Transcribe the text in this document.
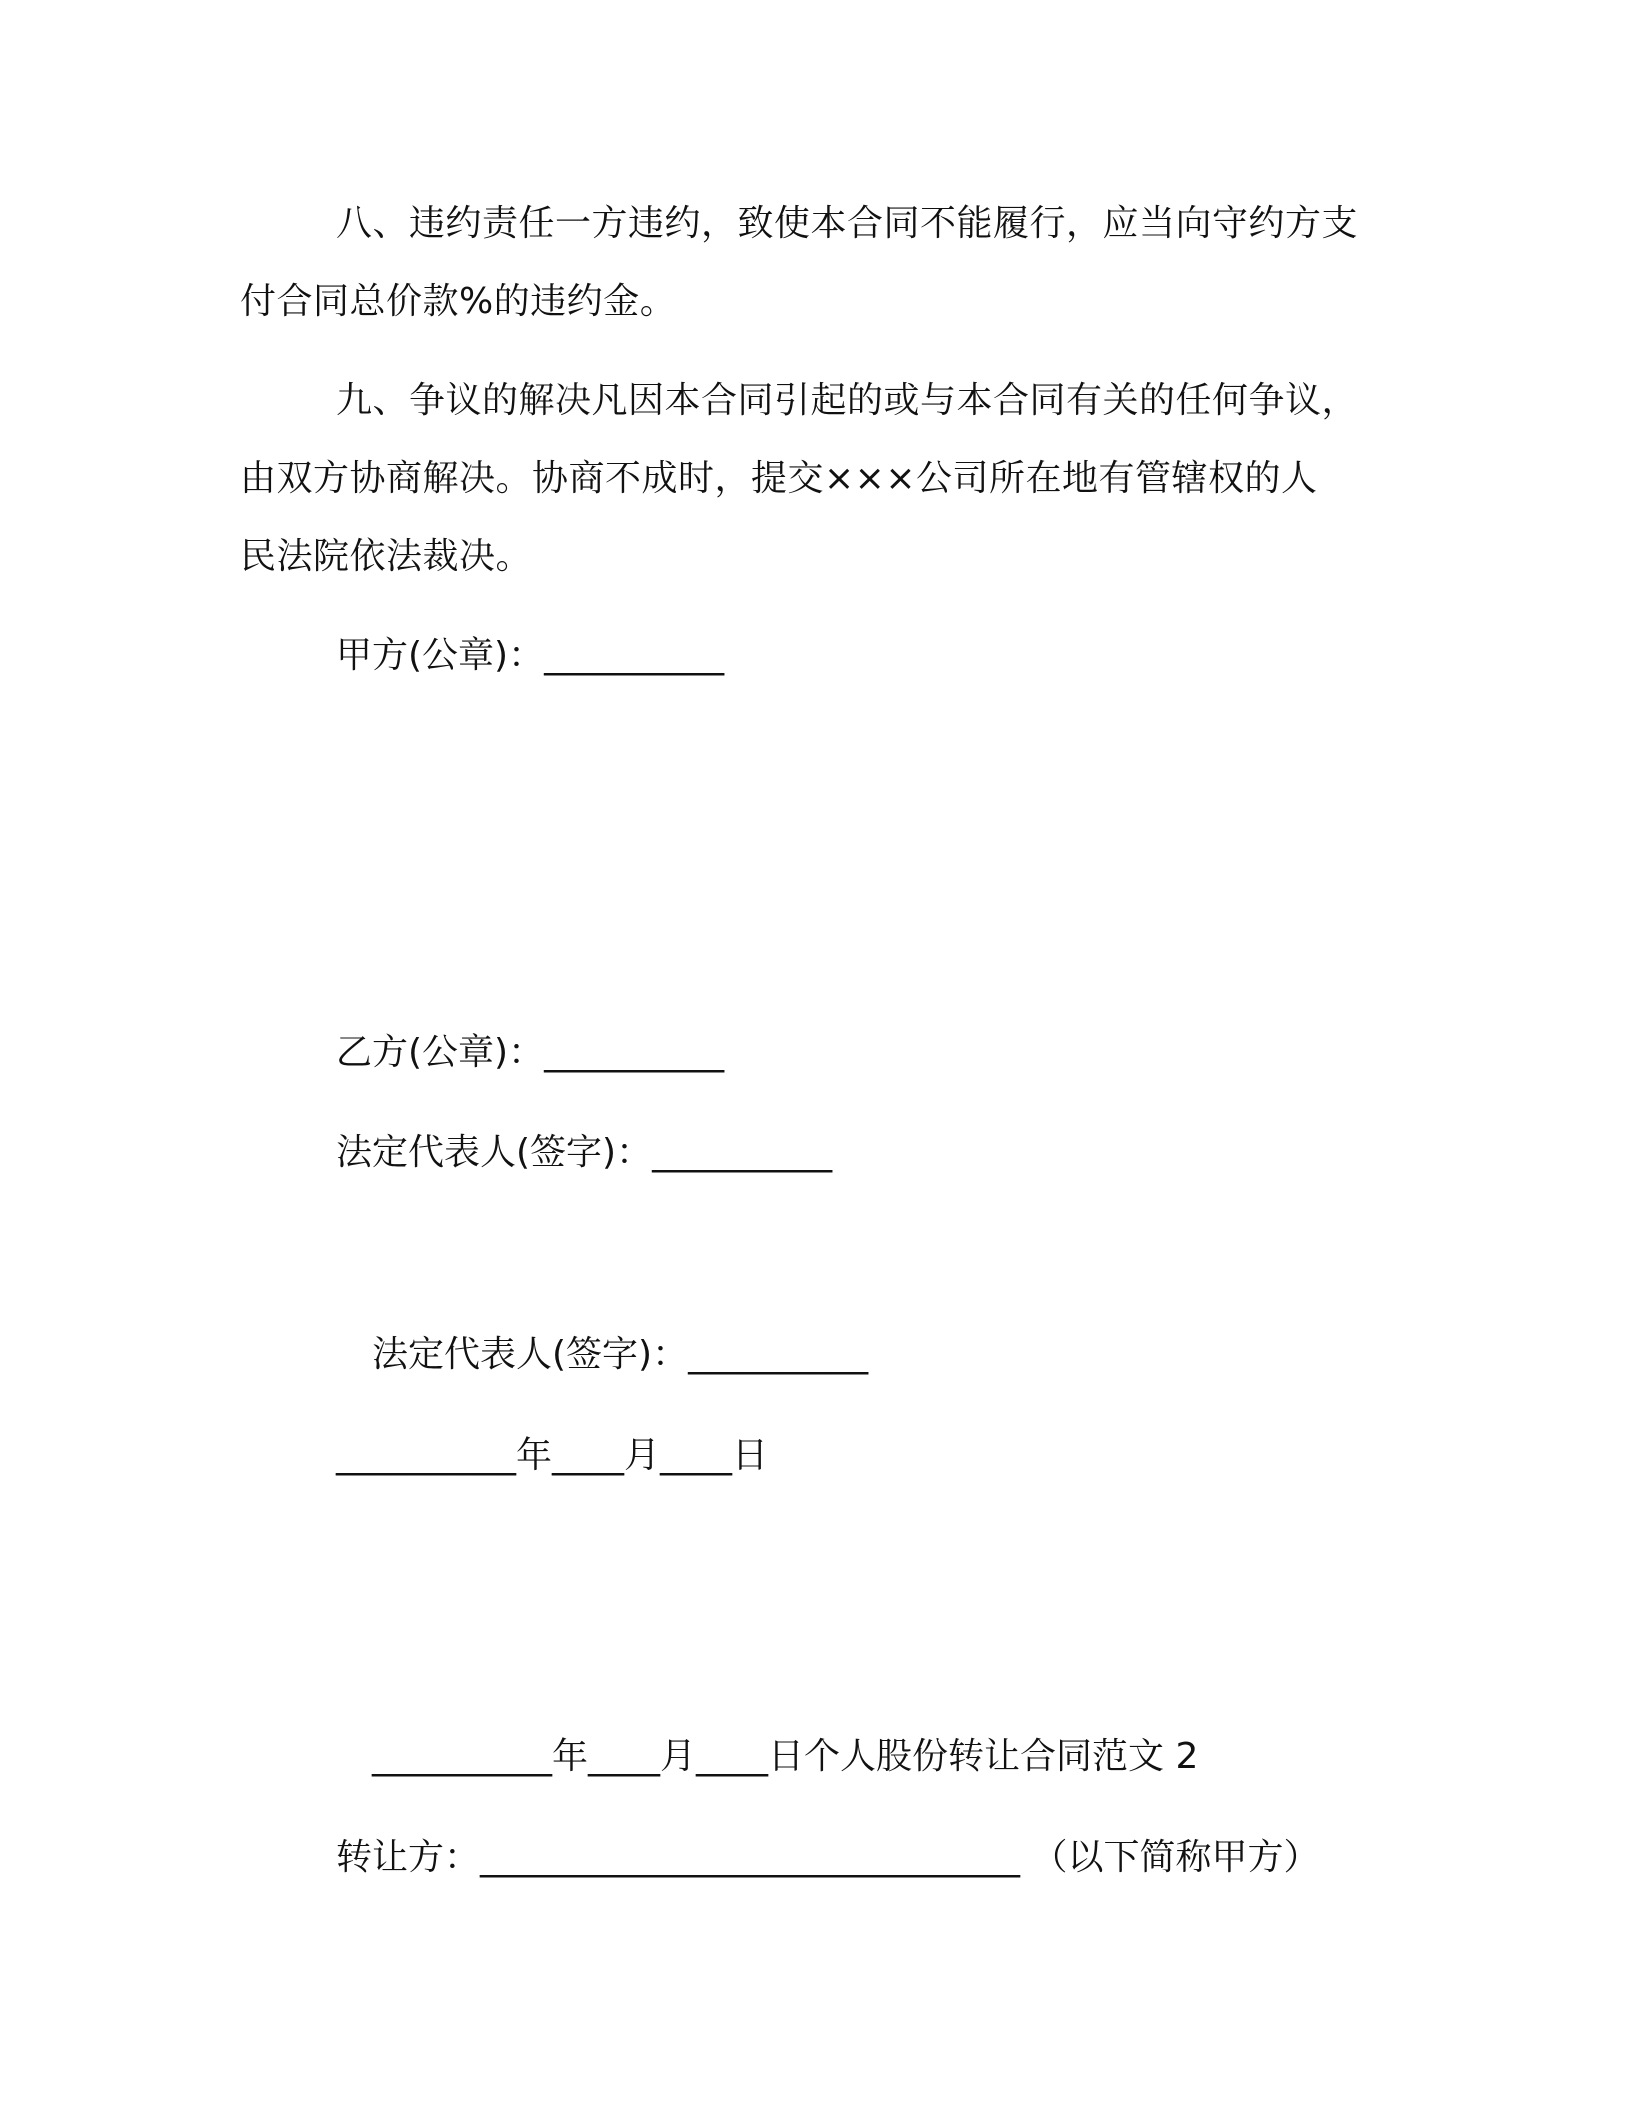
八、违约责任一方违约，致使本合同不能履行，应当向守约方支
付合同总价款%的违约金。
九、争议的解决凡因本合同引起的或与本合同有关的任何争议，
由双方协商解决。协商不成时，提交×××公司所在地有管辖权的人
民法院依法裁决。

甲方(公章)：__________

乙方(公章)：__________

法定代表人(签字)：__________

法定代表人(签字)：__________

__________年____月____日

__________年____月____日个人股份转让合同范文 2

转让方：______________________________ （以下简称甲方）
